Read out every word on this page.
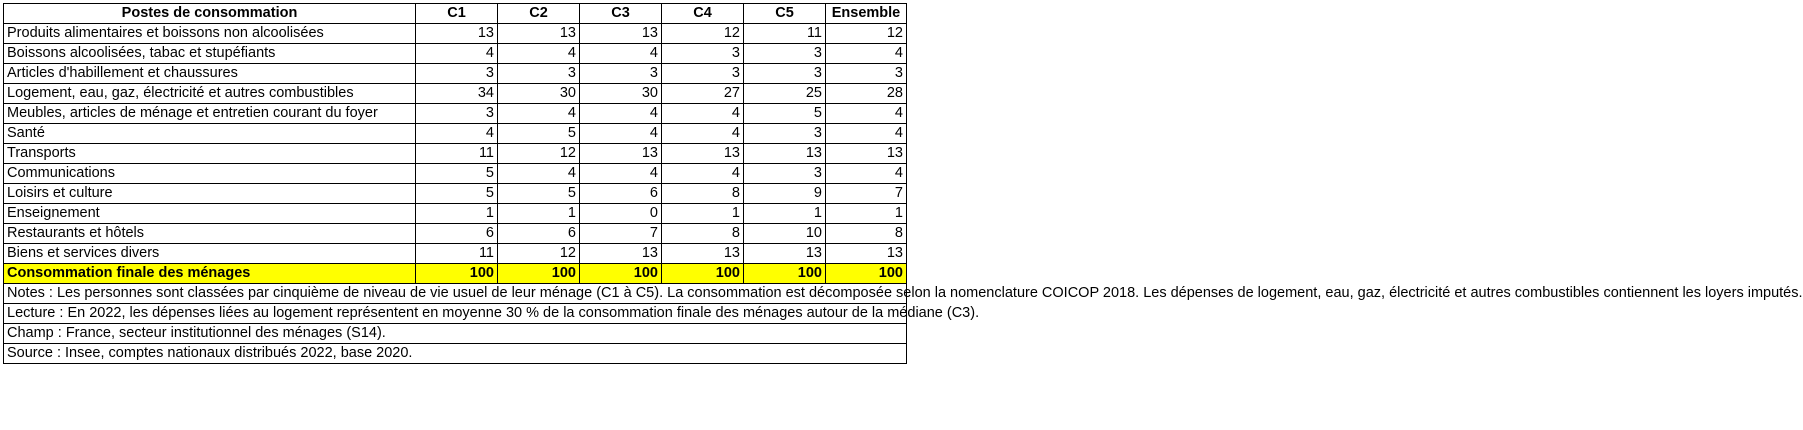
Postes de consommation	C1	C2	C3	C4	C5	Ensemble
Produits alimentaires et boissons non alcoolisées	13	13	13	12	11	12
Boissons alcoolisées, tabac et stupéfiants	4	4	4	3	3	4
Articles d'habillement et chaussures	3	3	3	3	3	3
Logement, eau, gaz, électricité et autres combustibles	34	30	30	27	25	28
Meubles, articles de ménage et entretien courant du foyer	3	4	4	4	5	4
Santé	4	5	4	4	3	4
Transports	11	12	13	13	13	13
Communications	5	4	4	4	3	4
Loisirs et culture	5	5	6	8	9	7
Enseignement	1	1	0	1	1	1
Restaurants et hôtels	6	6	7	8	10	8
Biens et services divers	11	12	13	13	13	13
Consommation finale des ménages	100	100	100	100	100	100
Notes : Les personnes sont classées par cinquième de niveau de vie usuel de leur ménage (C1 à C5). La consommation est décomposée selon la nomenclature COICOP 2018. Les dépenses de logement, eau, gaz, électricité et autres combustibles contiennent les loyers imputés.						
Lecture : En 2022, les dépenses liées au logement représentent en moyenne 30 % de la consommation finale des ménages autour de la médiane (C3).						
Champ : France, secteur institutionnel des ménages (S14).						
Source : Insee, comptes nationaux distribués 2022, base 2020.						
